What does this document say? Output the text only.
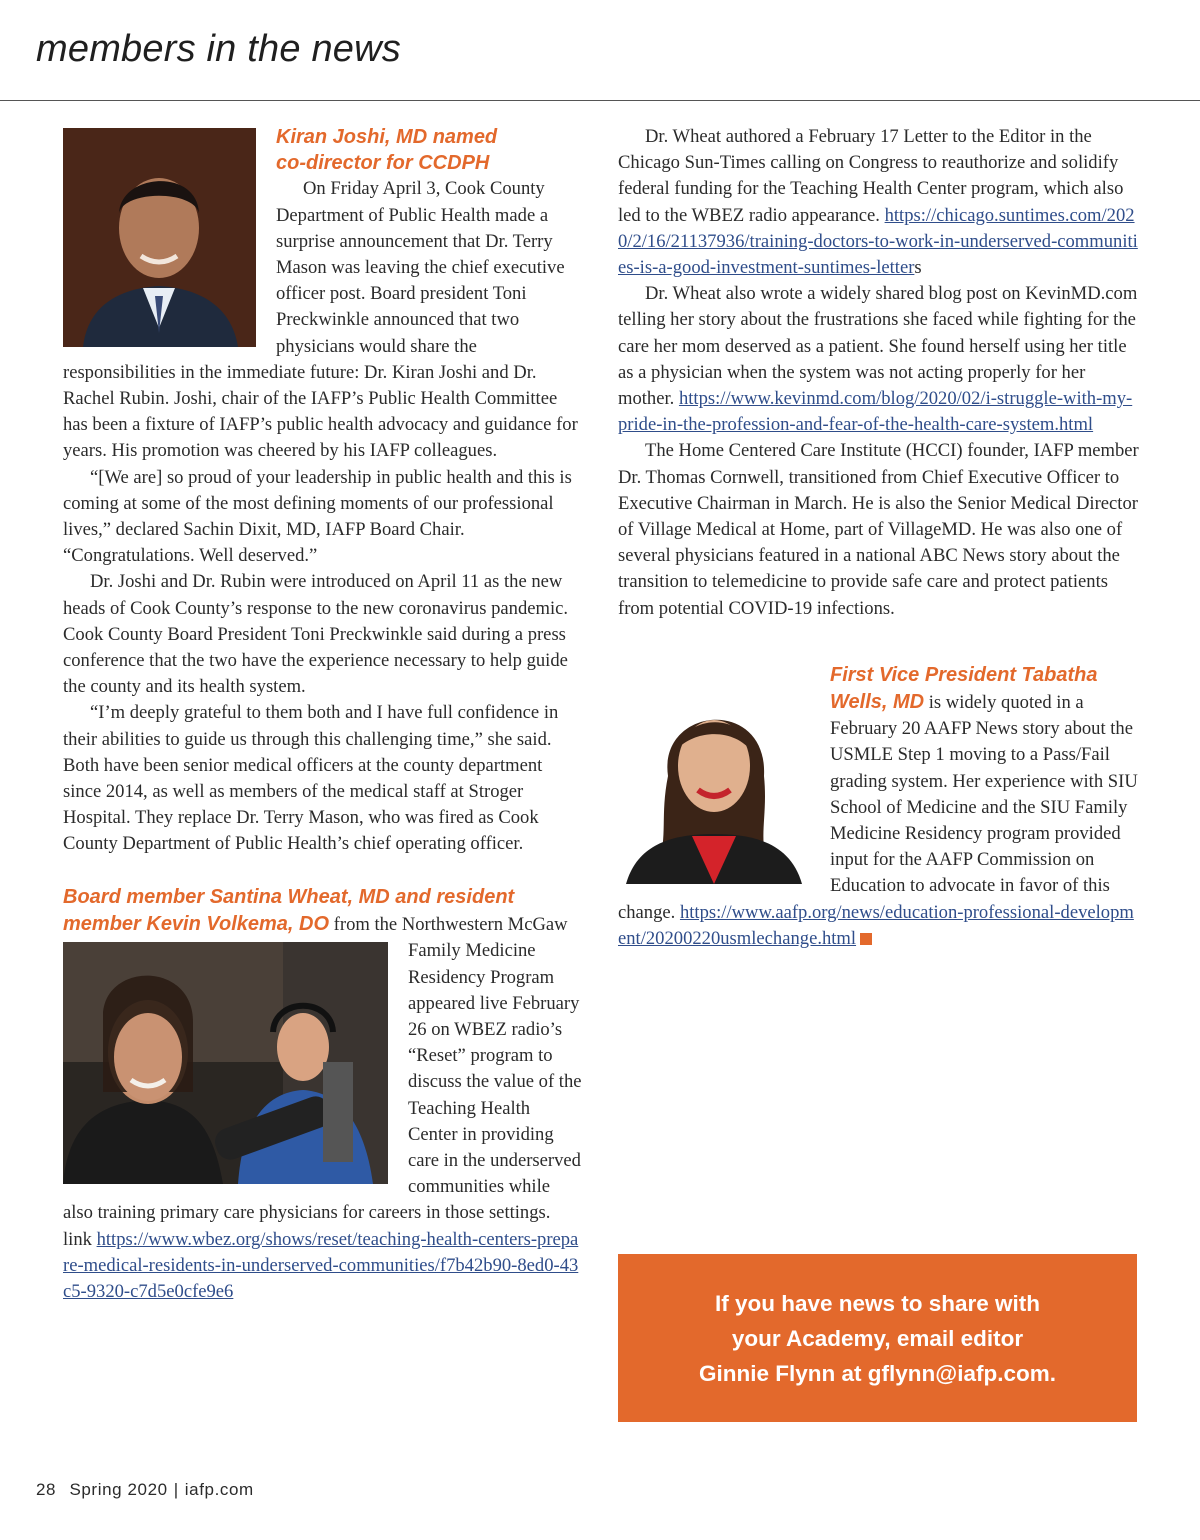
members in the news
Kiran Joshi, MD named
co-director for CCDPH

On Friday April 3, Cook County Department of Public Health made a surprise announcement that Dr. Terry Mason was leaving the chief executive officer post. Board president Toni Preckwinkle announced that two physicians would share the responsibilities in the immediate future: Dr. Kiran Joshi and Dr. Rachel Rubin. Joshi, chair of the IAFP’s Public Health Committee has been a fixture of IAFP’s public health advocacy and guidance for years. His promotion was cheered by his IAFP colleagues.

“[We are] so proud of your leadership in public health and this is coming at some of the most defining moments of our professional lives,” declared Sachin Dixit, MD, IAFP Board Chair. “Congratulations. Well deserved.”

Dr. Joshi and Dr. Rubin were introduced on April 11 as the new heads of Cook County’s response to the new coronavirus pandemic. Cook County Board President Toni Preckwinkle said during a press conference that the two have the experience necessary to help guide the county and its health system.

“I’m deeply grateful to them both and I have full confidence in their abilities to guide us through this challenging time,” she said. Both have been senior medical officers at the county department since 2014, as well as members of the medical staff at Stroger Hospital. They replace Dr. Terry Mason, who was fired as Cook County Department of Public Health’s chief operating officer.

Dr. Wheat authored a February 17 Letter to the Editor in the Chicago Sun-Times calling on Congress to reauthorize and solidify federal funding for the Teaching Health Center program, which also led to the WBEZ radio appearance. https://chicago.suntimes.com/2020/2/16/21137936/training-doctors-to-work-in-underserved-communities-is-a-good-investment-suntimes-letters

Dr. Wheat also wrote a widely shared blog post on KevinMD.com telling her story about the frustrations she faced while fighting for the care her mom deserved as a patient. She found herself using her title as a physician when the system was not acting properly for her mother. https://www.kevinmd.com/blog/2020/02/i-struggle-with-my-pride-in-the-profession-and-fear-of-the-health-care-system.html

The Home Centered Care Institute (HCCI) founder, IAFP member Dr. Thomas Cornwell, transitioned from Chief Executive Officer to Executive Chairman in March. He is also the Senior Medical Director of Village Medical at Home, part of VillageMD. He was also one of several physicians featured in a national ABC News story about the transition to telemedicine to provide safe care and protect patients from potential COVID-19 infections.

First Vice President Tabatha Wells, MD is widely quoted in a February 20 AAFP News story about the USMLE Step 1 moving to a Pass/Fail grading system. Her experience with SIU School of Medicine and the SIU Family Medicine Residency program provided input for the AAFP Commission on Education to advocate in favor of this change. https://www.aafp.org/news/education-professional-development/20200220usmlechange.html

Board member Santina Wheat, MD and resident member Kevin Volkema, DO
from the Northwestern McGaw Family Medicine Residency Program appeared live February 26 on WBEZ radio’s “Reset” program to discuss the value of the Teaching Health Center in providing care in the underserved communities while also training primary care physicians for careers in those settings. link https://www.wbez.org/shows/reset/teaching-health-centers-prepare-medical-residents-in-underserved-communities/f7b42b90-8ed0-43c5-9320-c7d5e0cfe9e6	If you have news to share with
your Academy, email editor
Ginnie Flynn at gflynn@iafp.com.
28 Spring 2020 | iafp.com
